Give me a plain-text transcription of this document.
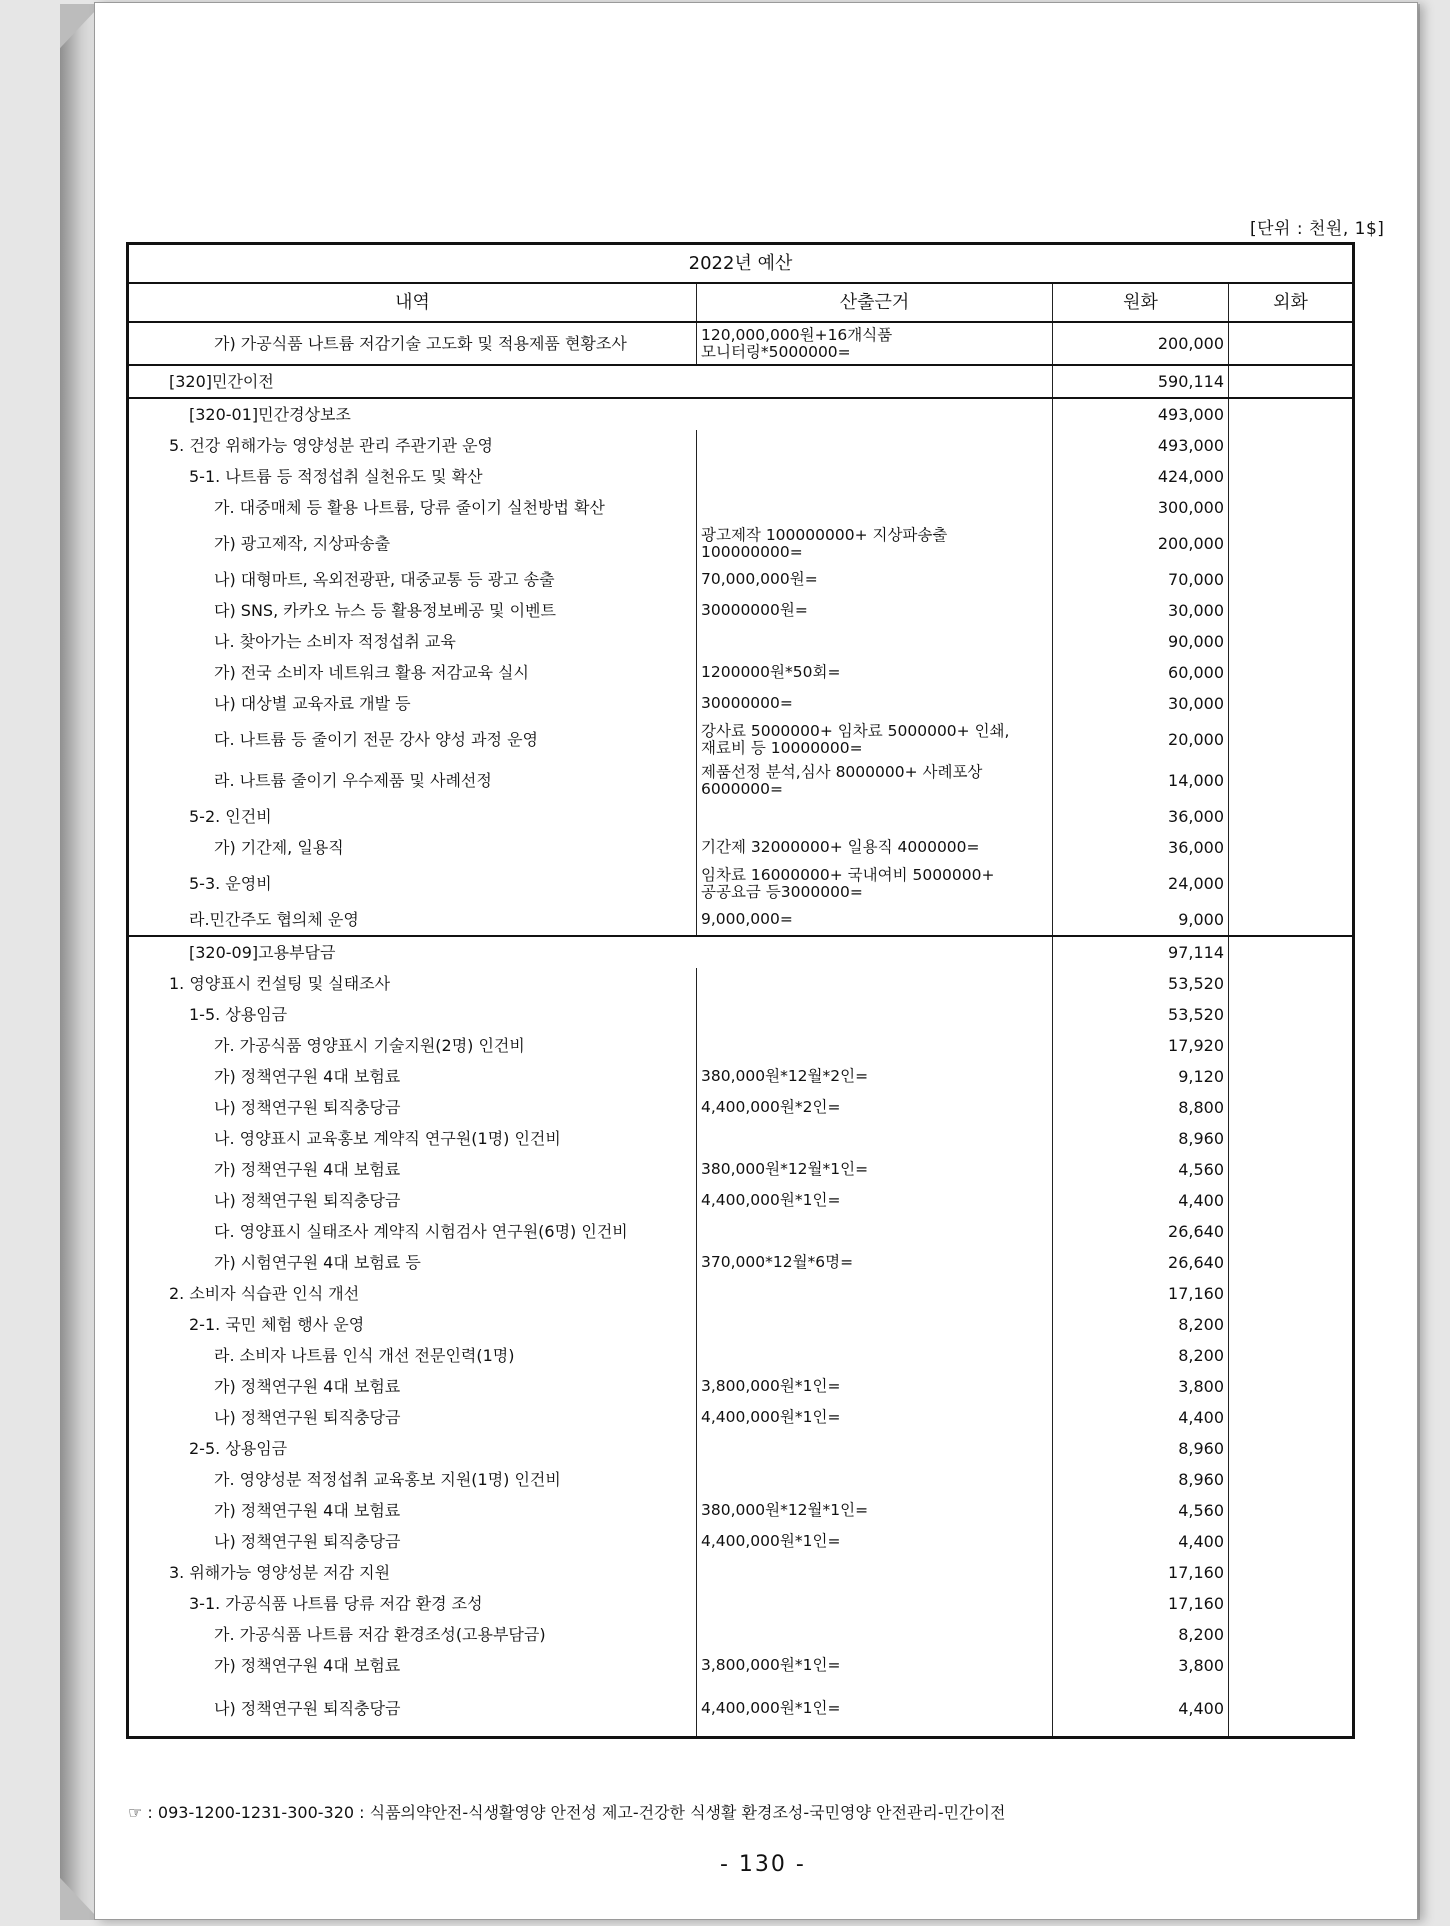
[단위 : 천원, 1$]
2022년 예산			
내역	산출근거	원화	외화
가) 가공식품 나트륨 저감기술 고도화 및 적용제품 현황조사	120,000,000원+16개식품
모니터링*5000000=	200,000	
[320]민간이전		590,114	
[320-01]민간경상보조		493,000	
5. 건강 위해가능 영양성분 관리 주관기관 운영		493,000	
5-1. 나트륨 등 적정섭취 실천유도 및 확산		424,000	
가. 대중매체 등 활용 나트륨, 당류 줄이기 실천방법 확산		300,000	
가) 광고제작, 지상파송출	광고제작 100000000+ 지상파송출
100000000=	200,000	
나) 대형마트, 옥외전광판, 대중교통 등 광고 송출	70,000,000원=	70,000	
다) SNS, 카카오 뉴스 등 활용정보베공 및 이벤트	30000000원=	30,000	
나. 찾아가는 소비자 적정섭취 교육		90,000	
가) 전국 소비자 네트워크 활용 저감교육 실시	1200000원*50회=	60,000	
나) 대상별 교육자료 개발 등	30000000=	30,000	
다. 나트륨 등 줄이기 전문 강사 양성 과정 운영	강사료 5000000+ 임차료 5000000+ 인쇄,
재료비 등 10000000=	20,000	
라. 나트륨 줄이기 우수제품 및 사례선정	제품선정 분석,심사 8000000+ 사례포상
6000000=	14,000	
5-2. 인건비		36,000	
가) 기간제, 일용직	기간제 32000000+ 일용직 4000000=	36,000	
5-3. 운영비	임차료 16000000+ 국내여비 5000000+
공공요금 등3000000=	24,000	
라.민간주도 협의체 운영	9,000,000=	9,000	
[320-09]고용부담금		97,114	
1. 영양표시 컨설팅 및 실태조사		53,520	
1-5. 상용임금		53,520	
가. 가공식품 영양표시 기술지원(2명) 인건비		17,920	
가) 정책연구원 4대 보험료	380,000원*12월*2인=	9,120	
나) 정책연구원 퇴직충당금	4,400,000원*2인=	8,800	
나. 영양표시 교육홍보 계약직 연구원(1명) 인건비		8,960	
가) 정책연구원 4대 보험료	380,000원*12월*1인=	4,560	
나) 정책연구원 퇴직충당금	4,400,000원*1인=	4,400	
다. 영양표시 실태조사 계약직 시험검사 연구원(6명) 인건비		26,640	
가) 시험연구원 4대 보험료 등	370,000*12월*6명=	26,640	
2. 소비자 식습관 인식 개선		17,160	
2-1. 국민 체험 행사 운영		8,200	
라. 소비자 나트륨 인식 개선 전문인력(1명)		8,200	
가) 정책연구원 4대 보험료	3,800,000원*1인=	3,800	
나) 정책연구원 퇴직충당금	4,400,000원*1인=	4,400	
2-5. 상용임금		8,960	
가. 영양성분 적정섭취 교육홍보 지원(1명) 인건비		8,960	
가) 정책연구원 4대 보험료	380,000원*12월*1인=	4,560	
나) 정책연구원 퇴직충당금	4,400,000원*1인=	4,400	
3. 위해가능 영양성분 저감 지원		17,160	
3-1. 가공식품 나트륨 당류 저감 환경 조성		17,160	
가. 가공식품 나트륨 저감 환경조성(고용부담금)		8,200	
가) 정책연구원 4대 보험료	3,800,000원*1인=	3,800	
나) 정책연구원 퇴직충당금	4,400,000원*1인=	4,400	
☞ : 093-1200-1231-300-320 : 식품의약안전-식생활영양 안전성 제고-건강한 식생활 환경조성-국민영양 안전관리-민간이전
- 130 -
